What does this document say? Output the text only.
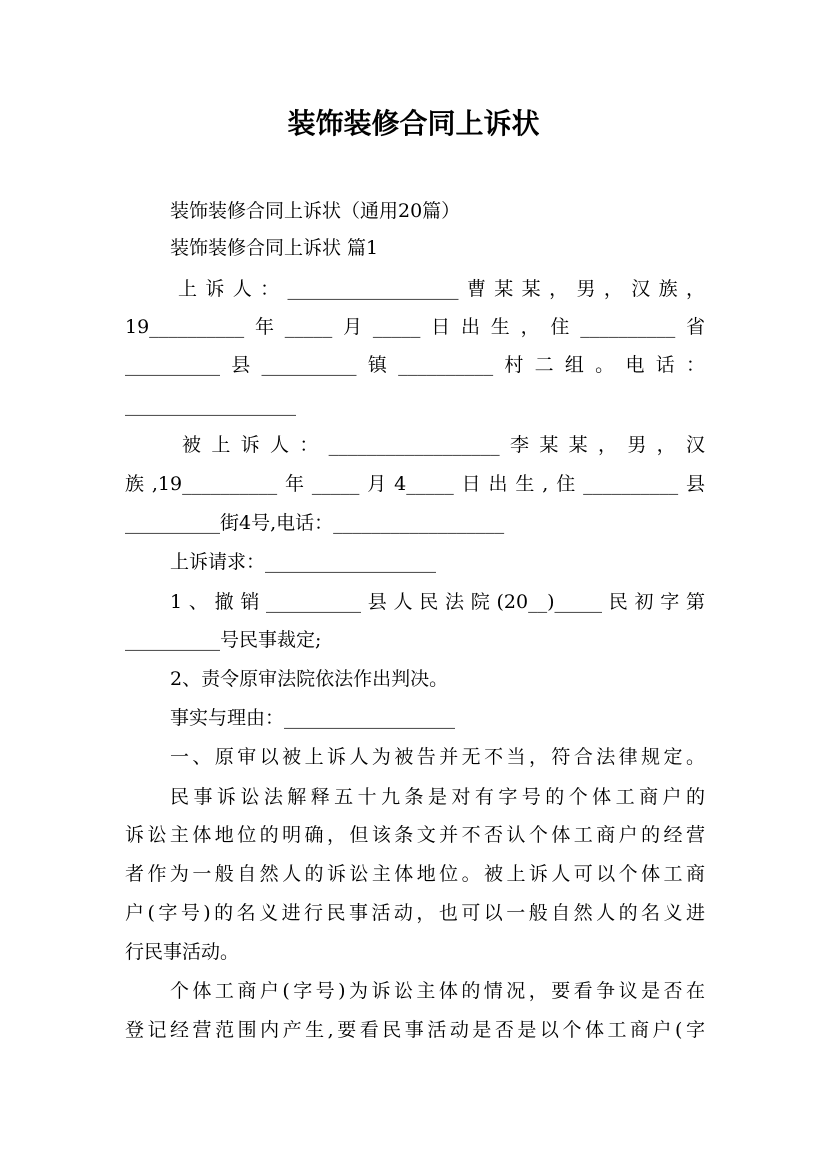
装饰装修合同上诉状
装饰装修合同上诉状（通用20篇）
装饰装修合同上诉状 篇1
上诉人：__________________曹某某，男，汉族，
19__________年_____月_____日出生，住__________省
__________县__________镇__________村二组。电话：
__________________
被上诉人：__________________李某某，男，汉
族,19__________年_____月4_____日出生,住__________县
__________街4号,电话：__________________
上诉请求：__________________
1、撤销__________县人民法院(20__)_____民初字第
__________号民事裁定;
2、责令原审法院依法作出判决。
事实与理由：__________________
一、原审以被上诉人为被告并无不当，符合法律规定。
民事诉讼法解释五十九条是对有字号的个体工商户的
诉讼主体地位的明确，但该条文并不否认个体工商户的经营
者作为一般自然人的诉讼主体地位。被上诉人可以个体工商
户(字号)的名义进行民事活动，也可以一般自然人的名义进
行民事活动。
个体工商户(字号)为诉讼主体的情况，要看争议是否在
登记经营范围内产生,要看民事活动是否是以个体工商户(字
